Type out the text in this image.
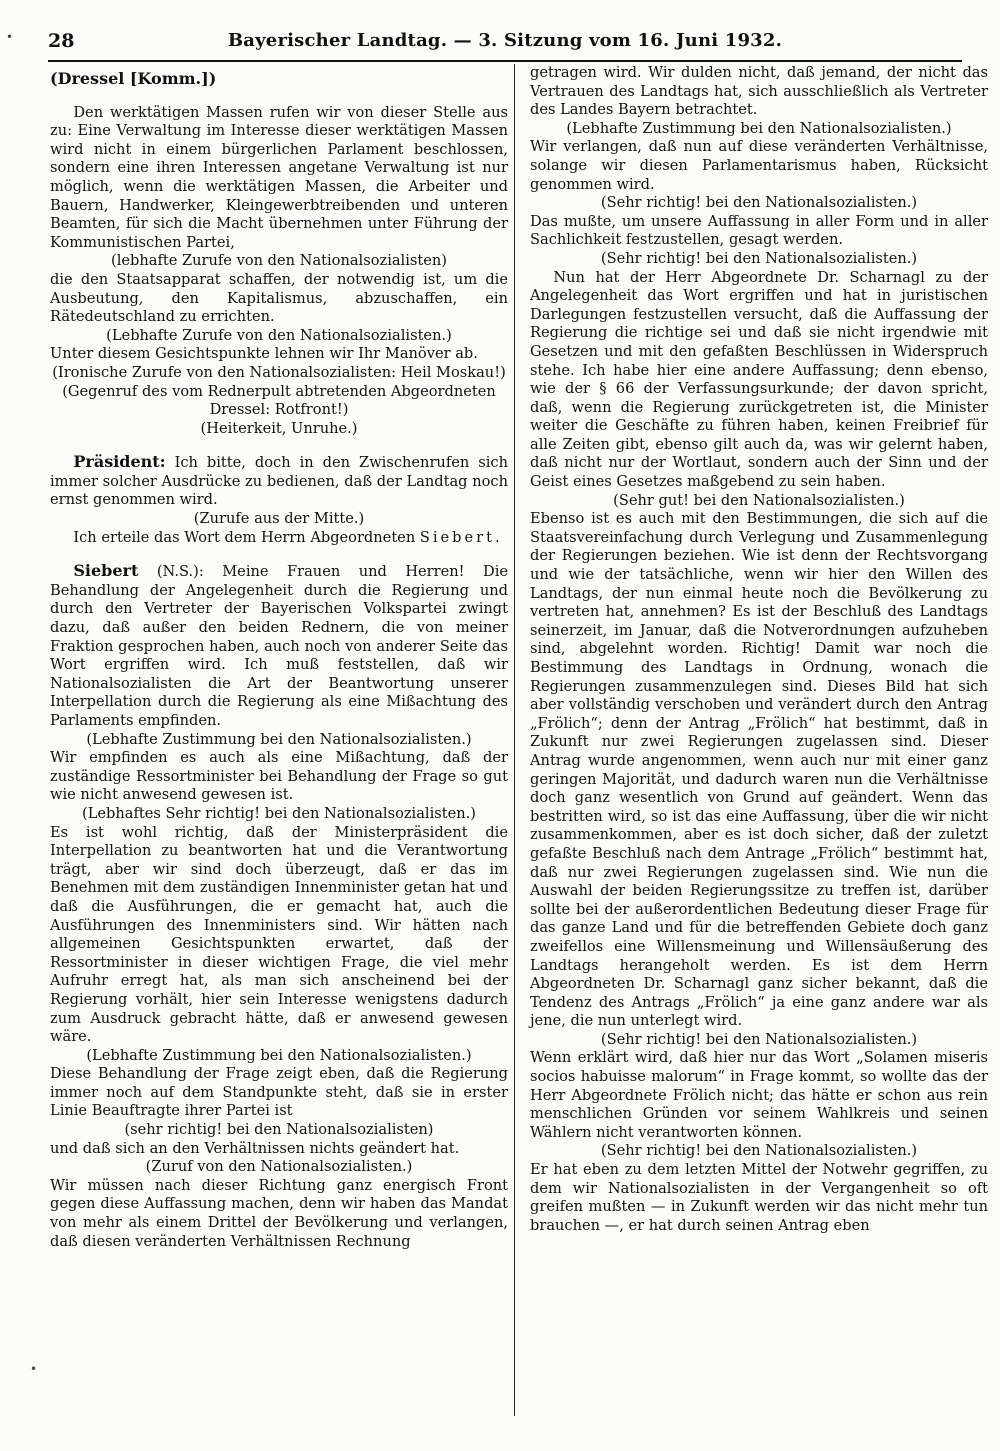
•
•
28	Bayerischer Landtag. — 3. Sitzung vom 16. Juni 1932.

(Dressel [Komm.])

Den werktätigen Massen rufen wir von dieser Stelle aus zu: Eine Verwaltung im Interesse dieser werktätigen Massen wird nicht in einem bürgerlichen Parlament beschlossen, sondern eine ihren Interessen angetane Verwaltung ist nur möglich, wenn die werktätigen Massen, die Arbeiter und Bauern, Handwerker, Kleingewerbtreibenden und unteren Beamten, für sich die Macht übernehmen unter Führung der Kommunistischen Partei,

(lebhafte Zurufe von den Nationalsozialisten)

die den Staatsapparat schaffen, der notwendig ist, um die Ausbeutung, den Kapitalismus, abzuschaffen, ein Rätedeutschland zu errichten.

(Lebhafte Zurufe von den Nationalsozialisten.)

Unter diesem Gesichtspunkte lehnen wir Ihr Manöver ab.

(Ironische Zurufe von den Nationalsozialisten: Heil Moskau!)

(Gegenruf des vom Rednerpult abtretenden Abgeordneten Dressel: Rotfront!)

(Heiterkeit, Unruhe.)

Präsident: Ich bitte, doch in den Zwischenrufen sich immer solcher Ausdrücke zu bedienen, daß der Landtag noch ernst genommen wird.

(Zurufe aus der Mitte.)

Ich erteile das Wort dem Herrn Abgeordneten Siebert.

Siebert (N.S.): Meine Frauen und Herren! Die Behandlung der Angelegenheit durch die Regierung und durch den Vertreter der Bayerischen Volkspartei zwingt dazu, daß außer den beiden Rednern, die von meiner Fraktion gesprochen haben, auch noch von anderer Seite das Wort ergriffen wird. Ich muß feststellen, daß wir Nationalsozialisten die Art der Beantwortung unserer Interpellation durch die Regierung als eine Mißachtung des Parlaments empfinden.

(Lebhafte Zustimmung bei den Nationalsozialisten.)

Wir empfinden es auch als eine Mißachtung, daß der zuständige Ressortminister bei Behandlung der Frage so gut wie nicht anwesend gewesen ist.

(Lebhaftes Sehr richtig! bei den Nationalsozialisten.)

Es ist wohl richtig, daß der Ministerpräsident die Interpellation zu beantworten hat und die Verantwortung trägt, aber wir sind doch überzeugt, daß er das im Benehmen mit dem zuständigen Innenminister getan hat und daß die Ausführungen, die er gemacht hat, auch die Ausführungen des Innenministers sind. Wir hätten nach allgemeinen Gesichtspunkten erwartet, daß der Ressortminister in dieser wichtigen Frage, die viel mehr Aufruhr erregt hat, als man sich anscheinend bei der Regierung vorhält, hier sein Interesse wenigstens dadurch zum Ausdruck gebracht hätte, daß er anwesend gewesen wäre.

(Lebhafte Zustimmung bei den Nationalsozialisten.)

Diese Behandlung der Frage zeigt eben, daß die Regierung immer noch auf dem Standpunkte steht, daß sie in erster Linie Beauftragte ihrer Partei ist

(sehr richtig! bei den Nationalsozialisten)

und daß sich an den Verhältnissen nichts geändert hat.

(Zuruf von den Nationalsozialisten.)

Wir müssen nach dieser Richtung ganz energisch Front gegen diese Auffassung machen, denn wir haben das Mandat von mehr als einem Drittel der Bevölkerung und verlangen, daß diesen veränderten Verhältnissen Rechnung

getragen wird. Wir dulden nicht, daß jemand, der nicht das Vertrauen des Landtags hat, sich ausschließlich als Vertreter des Landes Bayern betrachtet.

(Lebhafte Zustimmung bei den Nationalsozialisten.)

Wir verlangen, daß nun auf diese veränderten Verhältnisse, solange wir diesen Parlamentarismus haben, Rücksicht genommen wird.

(Sehr richtig! bei den Nationalsozialisten.)

Das mußte, um unsere Auffassung in aller Form und in aller Sachlichkeit festzustellen, gesagt werden.

(Sehr richtig! bei den Nationalsozialisten.)

Nun hat der Herr Abgeordnete Dr. Scharnagl zu der Angelegenheit das Wort ergriffen und hat in juristischen Darlegungen festzustellen versucht, daß die Auffassung der Regierung die richtige sei und daß sie nicht irgendwie mit Gesetzen und mit den gefaßten Beschlüssen in Widerspruch stehe. Ich habe hier eine andere Auffassung; denn ebenso, wie der § 66 der Verfassungsurkunde; der davon spricht, daß, wenn die Regierung zurückgetreten ist, die Minister weiter die Geschäfte zu führen haben, keinen Freibrief für alle Zeiten gibt, ebenso gilt auch da, was wir gelernt haben, daß nicht nur der Wortlaut, sondern auch der Sinn und der Geist eines Gesetzes maßgebend zu sein haben.

(Sehr gut! bei den Nationalsozialisten.)

Ebenso ist es auch mit den Bestimmungen, die sich auf die Staatsvereinfachung durch Verlegung und Zusammenlegung der Regierungen beziehen. Wie ist denn der Rechtsvorgang und wie der tatsächliche, wenn wir hier den Willen des Landtags, der nun einmal heute noch die Bevölkerung zu vertreten hat, annehmen? Es ist der Beschluß des Landtags seinerzeit, im Januar, daß die Notverordnungen aufzuheben sind, abgelehnt worden. Richtig! Damit war noch die Bestimmung des Landtags in Ordnung, wonach die Regierungen zusammenzulegen sind. Dieses Bild hat sich aber vollständig verschoben und verändert durch den Antrag „Frölich“; denn der Antrag „Frölich“ hat bestimmt, daß in Zukunft nur zwei Regierungen zugelassen sind. Dieser Antrag wurde angenommen, wenn auch nur mit einer ganz geringen Majorität, und dadurch waren nun die Verhältnisse doch ganz wesentlich von Grund auf geändert. Wenn das bestritten wird, so ist das eine Auffassung, über die wir nicht zusammenkommen, aber es ist doch sicher, daß der zuletzt gefaßte Beschluß nach dem Antrage „Frölich“ bestimmt hat, daß nur zwei Regierungen zugelassen sind. Wie nun die Auswahl der beiden Regierungssitze zu treffen ist, darüber sollte bei der außerordentlichen Bedeutung dieser Frage für das ganze Land und für die betreffenden Gebiete doch ganz zweifellos eine Willensmeinung und Willensäußerung des Landtags herangeholt werden. Es ist dem Herrn Abgeordneten Dr. Scharnagl ganz sicher bekannt, daß die Tendenz des Antrags „Frölich“ ja eine ganz andere war als jene, die nun unterlegt wird.

(Sehr richtig! bei den Nationalsozialisten.)

Wenn erklärt wird, daß hier nur das Wort „Solamen miseris socios habuisse malorum“ in Frage kommt, so wollte das der Herr Abgeordnete Frölich nicht; das hätte er schon aus rein menschlichen Gründen vor seinem Wahlkreis und seinen Wählern nicht verantworten können.

(Sehr richtig! bei den Nationalsozialisten.)

Er hat eben zu dem letzten Mittel der Notwehr gegriffen, zu dem wir Nationalsozialisten in der Vergangenheit so oft greifen mußten — in Zukunft werden wir das nicht mehr tun brauchen —, er hat durch seinen Antrag eben
